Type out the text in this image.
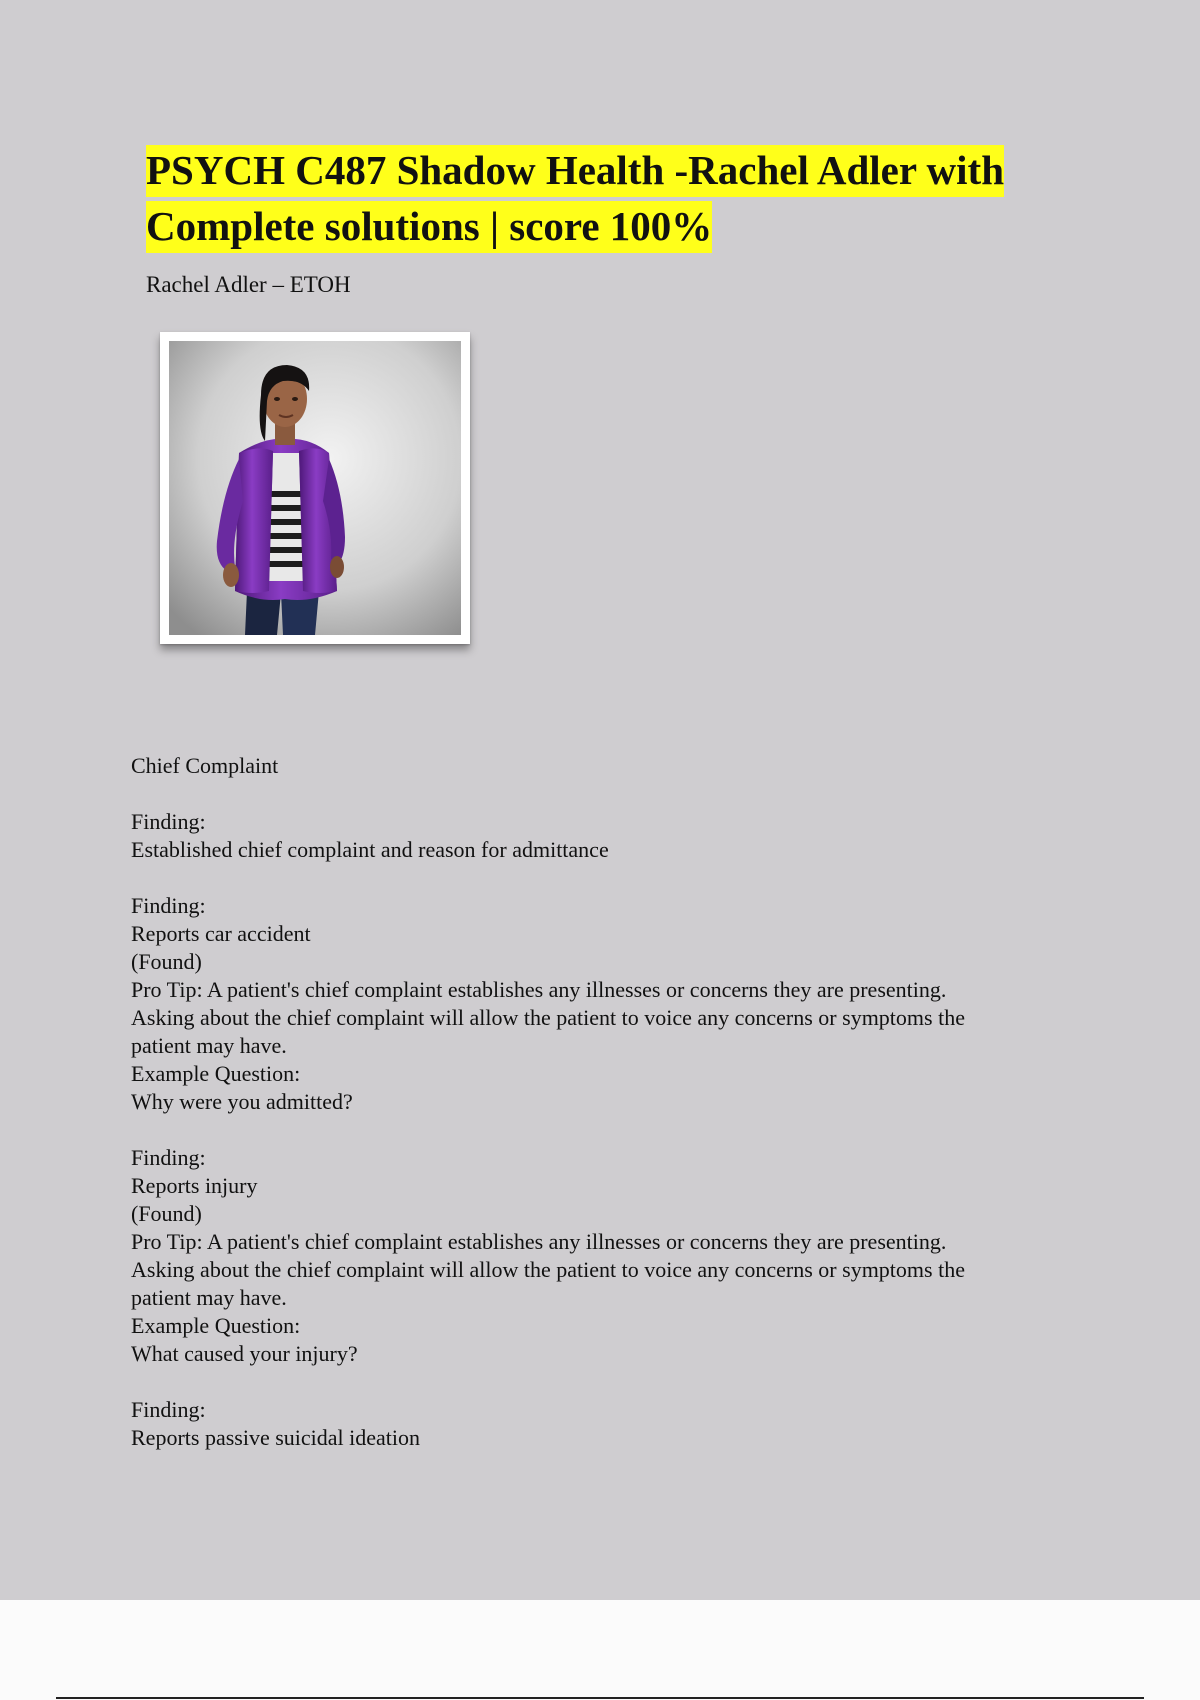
PSYCH C487 Shadow Health -Rachel Adler with
Complete solutions | score 100%

Rachel Adler – ETOH

Chief Complaint
Finding:
Established chief complaint and reason for admittance
Finding:
Reports car accident
(Found)
Pro Tip: A patient's chief complaint establishes any illnesses or concerns they are presenting.
Asking about the chief complaint will allow the patient to voice any concerns or symptoms the
patient may have.
Example Question:
Why were you admitted?
Finding:
Reports injury
(Found)
Pro Tip: A patient's chief complaint establishes any illnesses or concerns they are presenting.
Asking about the chief complaint will allow the patient to voice any concerns or symptoms the
patient may have.
Example Question:
What caused your injury?
Finding:
Reports passive suicidal ideation
